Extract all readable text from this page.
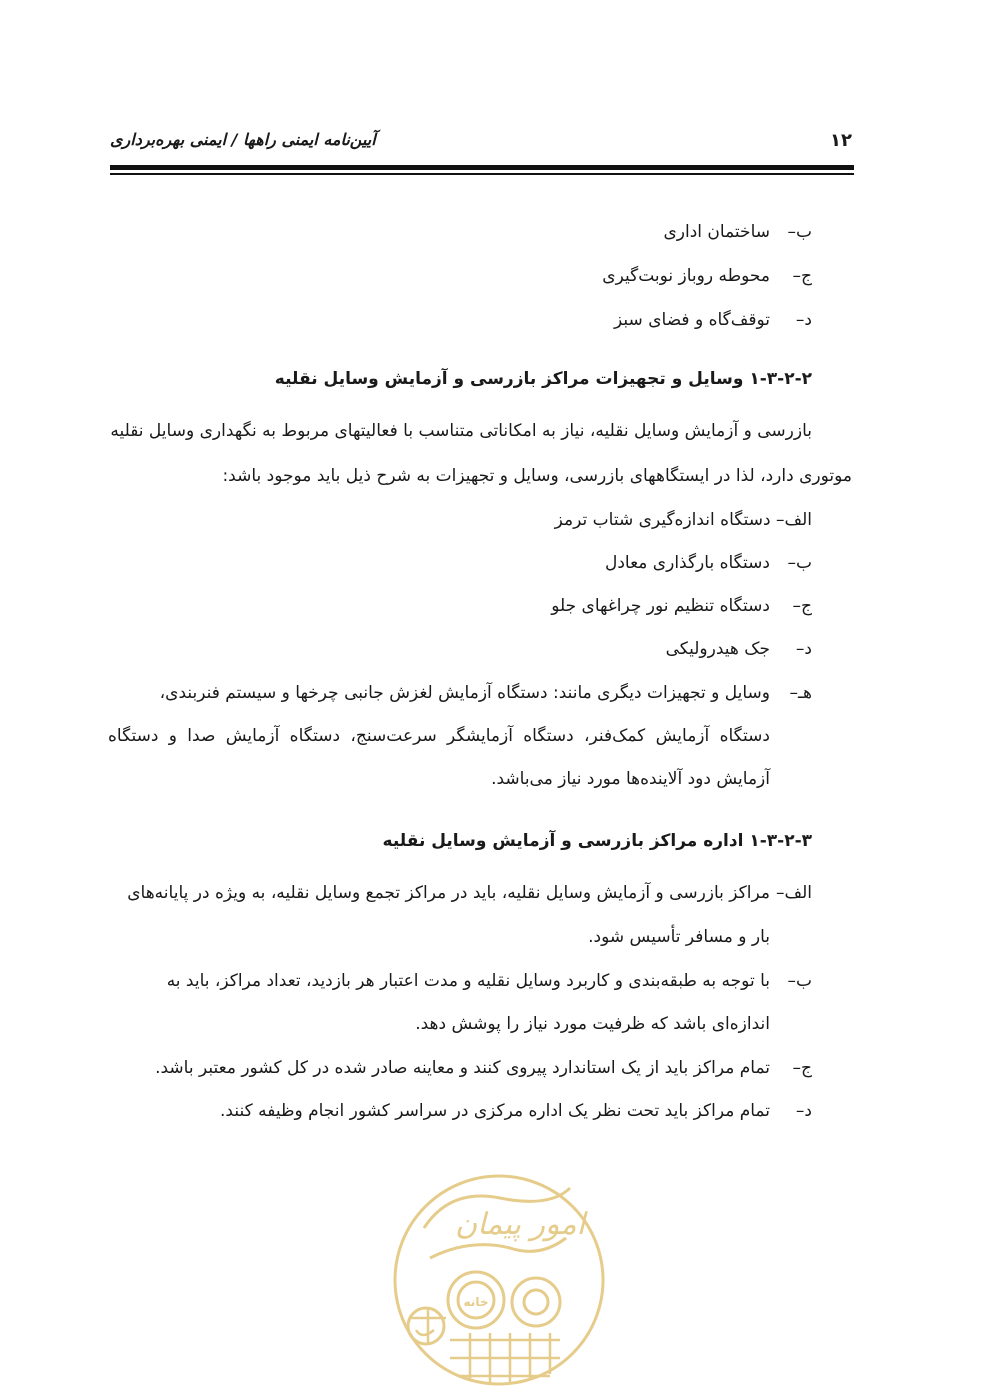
۱۲
آیین‌نامه ایمنی راهها / ایمنی بهره‌برداری
ب–ساختمان اداری
ج–محوطه روباز نوبت‌گیری
د–توقف‌گاه و فضای سبز
۱-۳-۲-۲ وسایل و تجهیزات مراکز بازرسی و آزمایش وسایل نقلیه
بازرسی و آزمایش وسایل نقلیه، نیاز به امکاناتی متناسب با فعالیتهای مربوط به نگهداری وسایل نقلیه
موتوری دارد، لذا در ایستگاههای بازرسی، وسایل و تجهیزات به شرح ذیل باید موجود باشد:
الف– دستگاه اندازه‌گیری شتاب ترمز
ب–دستگاه بارگذاری معادل
ج–دستگاه تنظیم نور چراغهای جلو
د–جک هیدرولیکی
هـ–وسایل و تجهیزات دیگری مانند: دستگاه آزمایش لغزش جانبی چرخها و سیستم فنربندی،
دستگاه آزمایش کمک‌فنر، دستگاه آزمایشگر سرعت‌سنج، دستگاه آزمایش صدا و دستگاه
آزمایش دود آلاینده‌ها مورد نیاز می‌باشد.
۱-۳-۲-۳ اداره مراکز بازرسی و آزمایش وسایل نقلیه
الف–مراکز بازرسی و آزمایش وسایل نقلیه، باید در مراکز تجمع وسایل نقلیه، به ویژه در پایانه‌های
بار و مسافر تأسیس شود.
ب–با توجه به طبقه‌بندی و کاربرد وسایل نقلیه و مدت اعتبار هر بازدید، تعداد مراکز، باید به
اندازه‌ای باشد که ظرفیت مورد نیاز را پوشش دهد.
ج–تمام مراکز باید از یک استاندارد پیروی کنند و معاینه صادر شده در کل کشور معتبر باشد.
د–تمام مراکز باید تحت نظر یک اداره مرکزی در سراسر کشور انجام وظیفه کنند.
امور پیمان
خانه
